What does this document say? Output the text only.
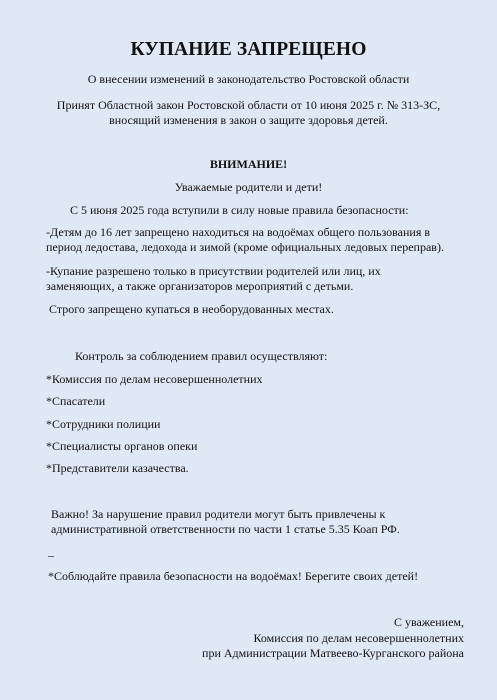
КУПАНИЕ ЗАПРЕЩЕНО
О внесении изменений в законодательство Ростовской области
Принят Областной закон Ростовской области от 10 июня 2025 г. № 313-ЗС,
вносящий изменения в закон о защите здоровья детей.
ВНИМАНИЕ!
Уважаемые родители и дети!
С 5 июня 2025 года вступили в силу новые правила безопасности:
-Детям до 16 лет запрещено находиться на водоёмах общего пользования в
период ледостава, ледохода и зимой (кроме официальных ледовых переправ).
-Купание разрешено только в присутствии родителей или лиц, их
заменяющих, а также организаторов мероприятий с детьми.
Строго запрещено купаться в необорудованных местах.
Контроль за соблюдением правил осуществляют:
*Комиссия по делам несовершеннолетних
*Спасатели
*Сотрудники полиции
*Специалисты органов опеки
*Представители казачества.
Важно! За нарушение правил родители могут быть привлечены к
административной ответственности по части 1 статье 5.35 Коап РФ.
–
*Соблюдайте правила безопасности на водоёмах! Берегите своих детей!
С уважением,
Комиссия по делам несовершеннолетних
при Администрации Матвеево-Курганского района
